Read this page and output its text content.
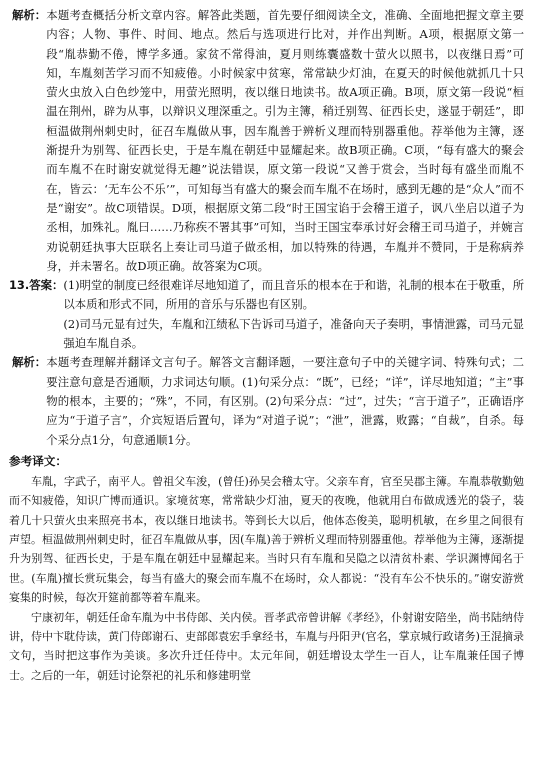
解析： 本题考查概括分析文章内容。解答此类题，首先要仔细阅读全文，准确、全面地把握文章主要内容；人物、事件、时间、地点。然后与选项进行比对，并作出判断。A项，根据原文第一段“胤恭勤不倦，博学多通。家贫不常得油，夏月则练囊盛数十萤火以照书，以夜继日焉”可知，车胤刻苦学习而不知疲倦。小时候家中贫寒，常常缺少灯油，在夏天的时候他就抓几十只萤火虫放入白色纱笼中，用萤光照明，夜以继日地读书。故A项正确。B项，原文第一段说“桓温在荆州，辟为从事，以辩识义理深重之。引为主簿，稍迁别驾、征西长史，遂显于朝廷”，即桓温做荆州刺史时，征召车胤做从事，因车胤善于辨析义理而特别器重他。荐举他为主簿，逐渐提升为别驾、征西长史，于是车胤在朝廷中显耀起来。故B项正确。C项，“每有盛大的聚会而车胤不在时谢安就觉得无趣”说法错误，原文第一段说“又善于赏会，当时每有盛坐而胤不在，皆云：‘无车公不乐’”，可知每当有盛大的聚会而车胤不在场时，感到无趣的是“众人”而不是“谢安”。故C项错误。D项，根据原文第二段“时王国宝谄于会稽王道子，讽八坐启以道子为丞相，加殊礼。胤曰……乃称疾不署其事”可知，当时王国宝奉承讨好会稽王司马道子，并婉言劝说朝廷执事大臣联名上奏让司马道子做丞相，加以特殊的待遇，车胤并不赞同，于是称病养身，并未署名。故D项正确。故答案为C项。
13.答案： (1)明堂的制度已经很难详尽地知道了，而且音乐的根本在于和谐，礼制的根本在于敬重，所以本质和形式不同，所用的音乐与乐器也有区别。
(2)司马元显有过失，车胤和江绩私下告诉司马道子，准备向天子奏明，事情泄露，司马元显强迫车胤自杀。
解析： 本题考查理解并翻译文言句子。解答文言翻译题，一要注意句子中的关键字词、特殊句式；二要注意句意是否通顺，力求词达句顺。(1)句采分点：“既”，已经；“详”，详尽地知道；“主”事物的根本，主要的；“殊”，不同，有区别。(2)句采分点：“过”，过失；“言于道子”，正确语序应为“于道子言”，介宾短语后置句，译为“对道子说”；“泄”，泄露，败露；“自裁”，自杀。每个采分点1分，句意通顺1分。
参考译文：

车胤，字武子，南平人。曾祖父车浚，(曾任)孙吴会稽太守。父亲车育，官至吴郡主簿。车胤恭敬勤勉而不知疲倦，知识广博而通识。家境贫寒，常常缺少灯油，夏天的夜晚，他就用白布做成透光的袋子，装着几十只萤火虫来照亮书本，夜以继日地读书。等到长大以后，他体态俊美，聪明机敏，在乡里之间很有声望。桓温做荆州刺史时，征召车胤做从事，因(车胤)善于辨析义理而特别器重他。荐举他为主簿，逐渐提升为别驾、征西长史，于是车胤在朝廷中显耀起来。当时只有车胤和吴隐之以清贫朴素、学识渊博闻名于世。(车胤)擅长赏玩集会，每当有盛大的聚会而车胤不在场时，众人都说：“没有车公不快乐的。”谢安游赏宴集的时候，每次开筵前都等着车胤来。

宁康初年，朝廷任命车胤为中书侍郎、关内侯。晋孝武帝曾讲解《孝经》，仆射谢安陪坐，尚书陆纳侍讲，侍中卞耽侍读，黄门侍郎谢石、吏部郎袁宏手拿经书，车胤与丹阳尹(官名，掌京城行政诸务)王混摘录文句，当时把这事作为美谈。多次升迁任侍中。太元年间，朝廷增设太学生一百人，让车胤兼任国子博士。之后的一年，朝廷讨论祭祀的礼乐和修建明堂
